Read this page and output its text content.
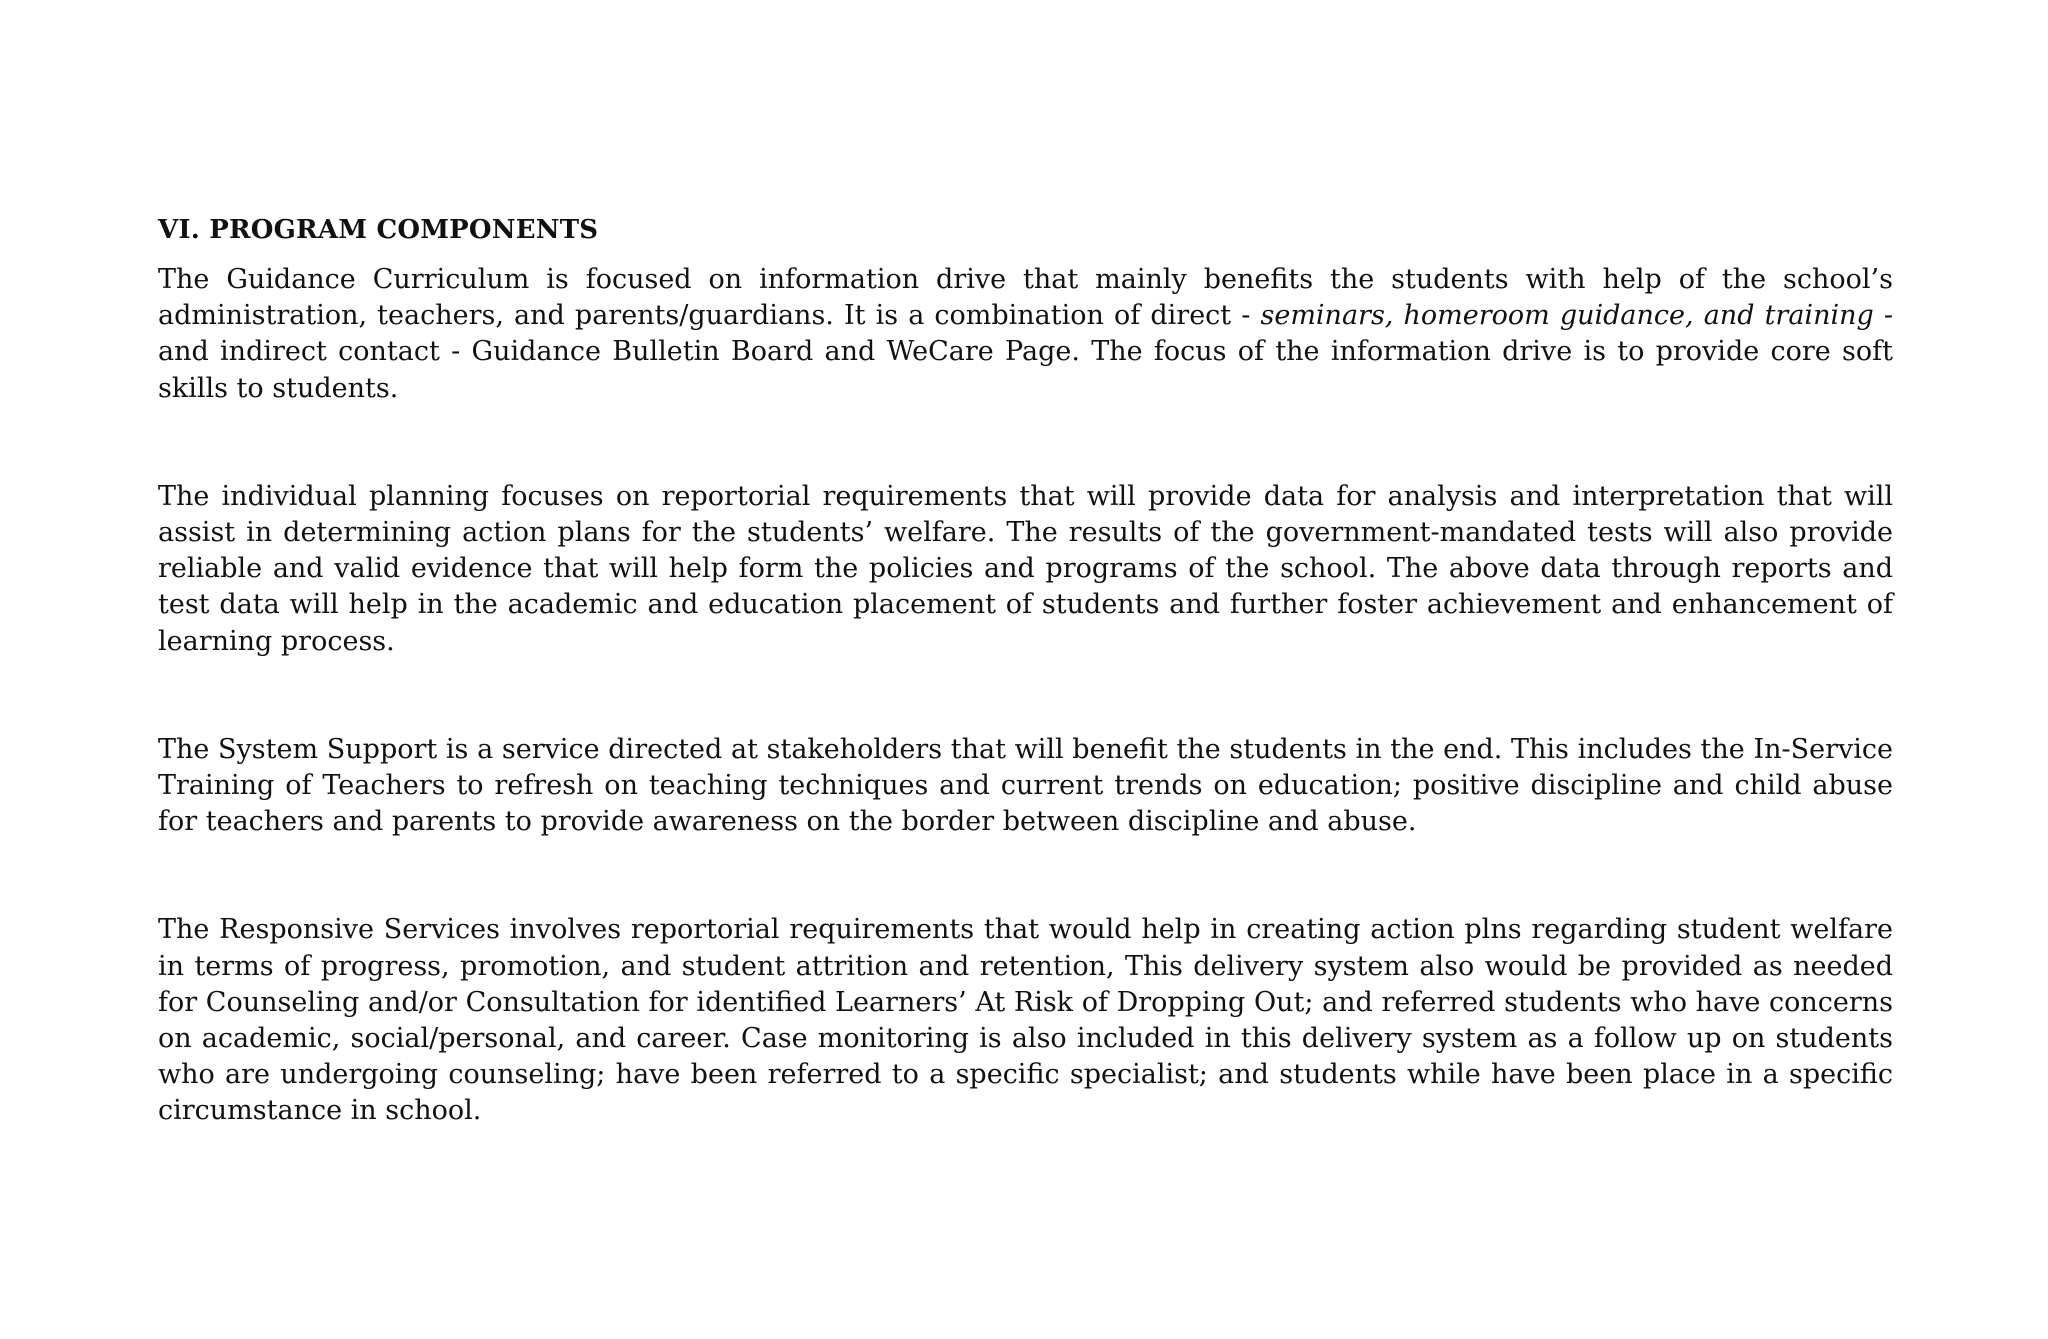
VI. PROGRAM COMPONENTS

The Guidance Curriculum is focused on information drive that mainly benefits the students with help of the school’s administration, teachers, and parents/guardians. It is a combination of direct - seminars, homeroom guidance, and training - and indirect contact - Guidance Bulletin Board and WeCare Page. The focus of the information drive is to provide core soft skills to students.

The individual planning focuses on reportorial requirements that will provide data for analysis and interpretation that will assist in determining action plans for the students’ welfare. The results of the government-mandated tests will also provide reliable and valid evidence that will help form the policies and programs of the school. The above data through reports and test data will help in the academic and education placement of students and further foster achievement and enhancement of learning process.

The System Support is a service directed at stakeholders that will benefit the students in the end. This includes the In-Service Training of Teachers to refresh on teaching techniques and current trends on education; positive discipline and child abuse for teachers and parents to provide awareness on the border between discipline and abuse.

The Responsive Services involves reportorial requirements that would help in creating action plns regarding student welfare in terms of progress, promotion, and student attrition and retention, This delivery system also would be provided as needed for Counseling and/or Consultation for identified Learners’ At Risk of Dropping Out; and referred students who have concerns on academic, social/personal, and career. Case monitoring is also included in this delivery system as a follow up on students who are undergoing counseling; have been referred to a specific specialist; and students while have been place in a specific circumstance in school.
